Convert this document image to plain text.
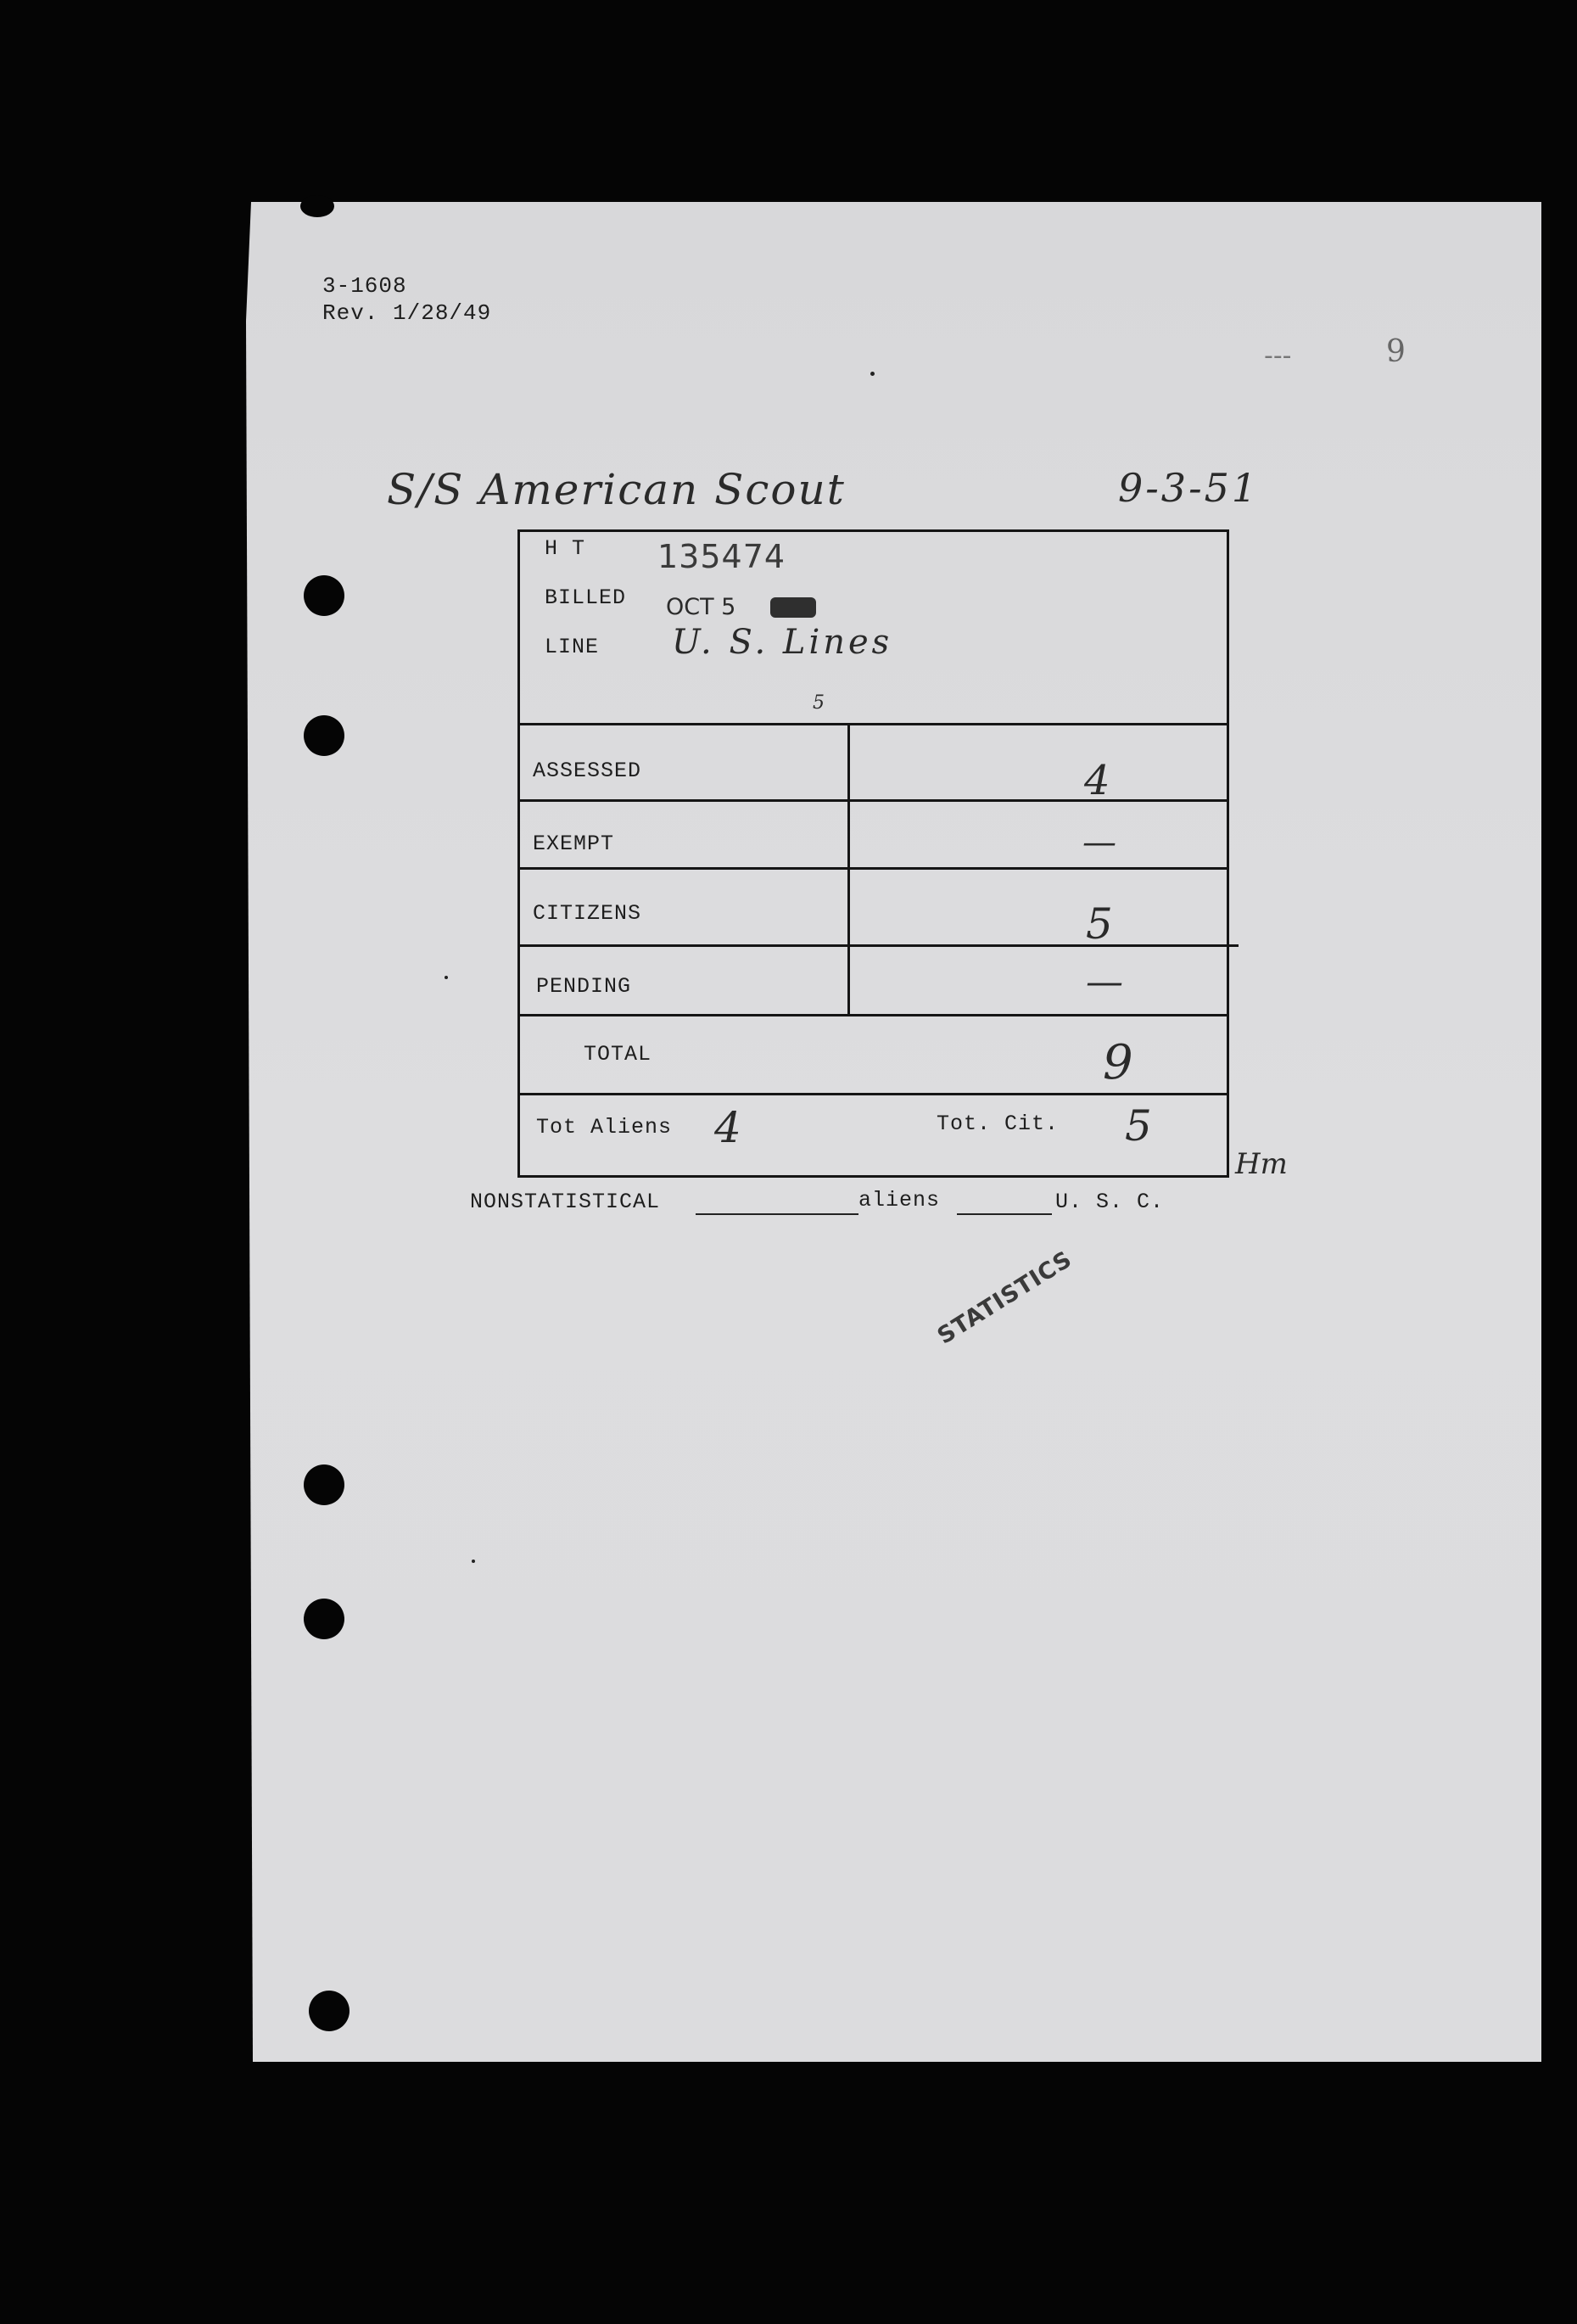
3-1608
Rev. 1/28/49
---	9
S/S American Scout	9-3-51
H T 135474
BILLED OCT 5
LINE U. S. Lines
5
ASSESSED	4
EXEMPT	—
CITIZENS	5
PENDING	—
TOTAL	9
Tot Aliens 4	Tot. Cit. 5
Hm
NONSTATISTICAL	aliens	U. S. C.
STATISTICS
